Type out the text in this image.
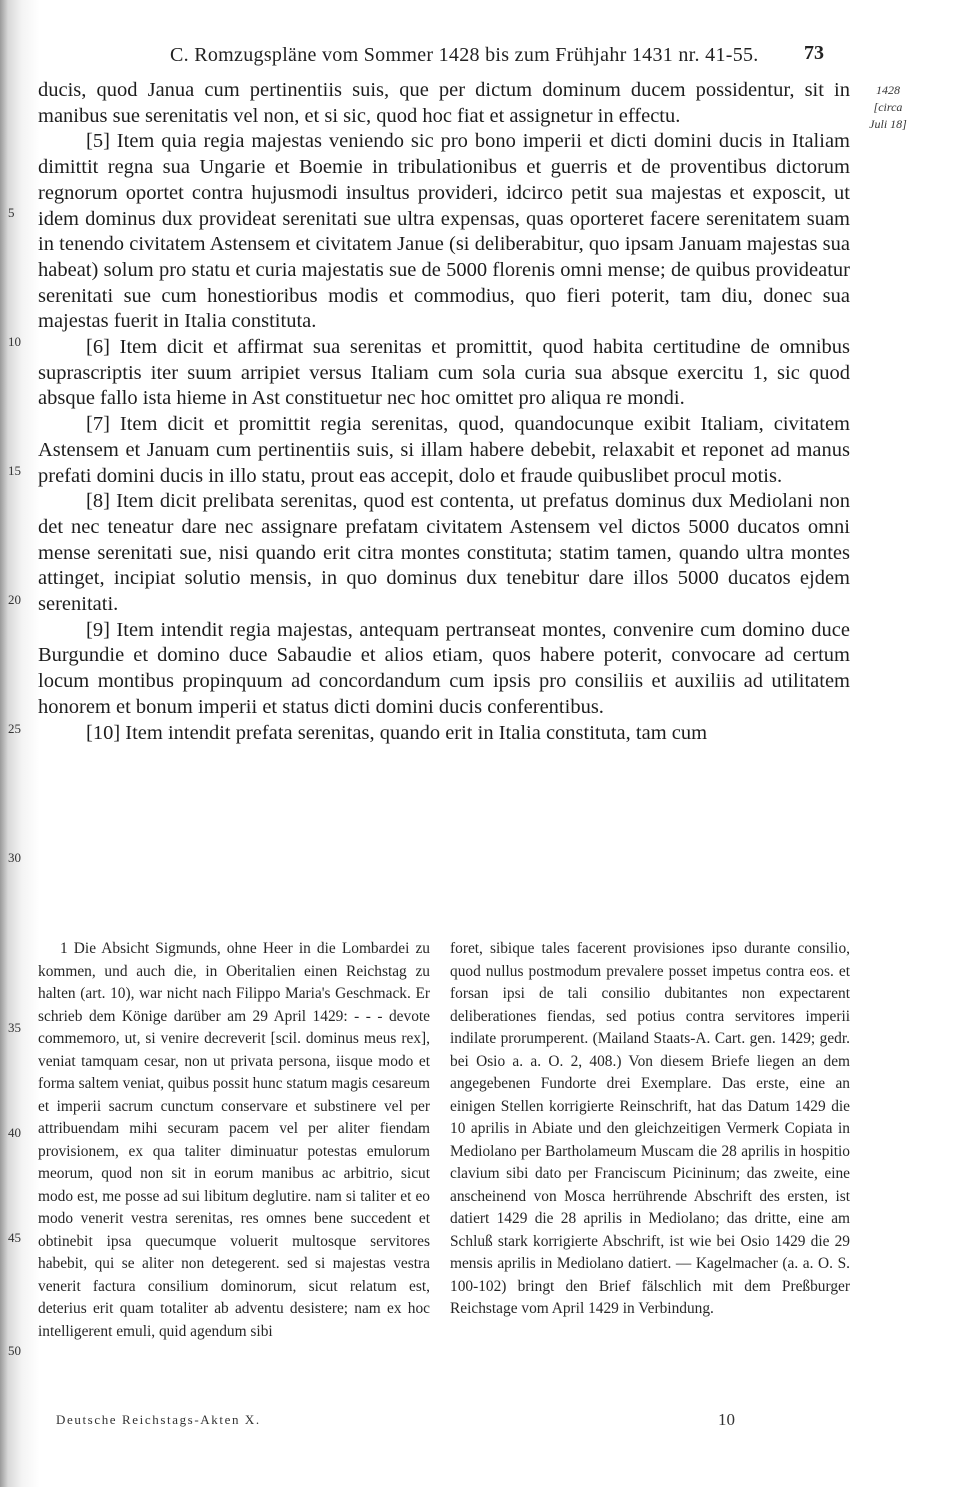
C. Romzugspläne vom Sommer 1428 bis zum Frühjahr 1431 nr. 41-55. 73
1428
[circa
Juli 18]
5
10
15
20
25
30

ducis, quod Janua cum pertinentiis suis, que per dictum dominum ducem possidentur, sit in manibus sue serenitatis vel non, et si sic, quod hoc fiat et assignetur in effectu.

[5] Item quia regia majestas veniendo sic pro bono imperii et dicti domini ducis in Italiam dimittit regna sua Ungarie et Boemie in tribulationibus et guerris et de proventibus dictorum regnorum oportet contra hujusmodi insultus provideri, idcirco petit sua majestas et exposcit, ut idem dominus dux provideat serenitati sue ultra expensas, quas oporteret facere serenitatem suam in tenendo civitatem Astensem et civitatem Janue (si deliberabitur, quo ipsam Januam majestas sua habeat) solum pro statu et curia majestatis sue de 5000 florenis omni mense; de quibus provideatur serenitati sue cum honestioribus modis et commodius, quo fieri poterit, tam diu, donec sua majestas fuerit in Italia constituta.

[6] Item dicit et affirmat sua serenitas et promittit, quod habita certitudine de omnibus suprascriptis iter suum arripiet versus Italiam cum sola curia sua absque exercitu 1, sic quod absque fallo ista hieme in Ast constituetur nec hoc omittet pro aliqua re mondi.

[7] Item dicit et promittit regia serenitas, quod, quandocunque exibit Italiam, civitatem Astensem et Januam cum pertinentiis suis, si illam habere debebit, relaxabit et reponet ad manus prefati domini ducis in illo statu, prout eas accepit, dolo et fraude quibuslibet procul motis.

[8] Item dicit prelibata serenitas, quod est contenta, ut prefatus dominus dux Mediolani non det nec teneatur dare nec assignare prefatam civitatem Astensem vel dictos 5000 ducatos omni mense serenitati sue, nisi quando erit citra montes constituta; statim tamen, quando ultra montes attinget, incipiat solutio mensis, in quo dominus dux tenebitur dare illos 5000 ducatos ejdem serenitati.

[9] Item intendit regia majestas, antequam pertranseat montes, convenire cum domino duce Burgundie et domino duce Sabaudie et alios etiam, quos habere poterit, convocare ad certum locum montibus propinquum ad concordandum cum ipsis pro consiliis et auxiliis ad utilitatem honorem et bonum imperii et status dicti domini ducis conferentibus.

[10] Item intendit prefata serenitas, quando erit in Italia constituta, tam cum

35
40
45
50

1 Die Absicht Sigmunds, ohne Heer in die Lombardei zu kommen, und auch die, in Oberitalien einen Reichstag zu halten (art. 10), war nicht nach Filippo Maria's Geschmack. Er schrieb dem Könige darüber am 29 April 1429: - - - devote commemoro, ut, si venire decreverit [scil. dominus meus rex], veniat tamquam cesar, non ut privata persona, iisque modo et forma saltem veniat, quibus possit hunc statum magis cesareum et imperii sacrum cunctum conservare et substinere vel per attribuendam mihi securam pacem vel per aliter fiendam provisionem, ex qua taliter diminuatur potestas emulorum meorum, quod non sit in eorum manibus ac arbitrio, sicut modo est, me posse ad sui libitum deglutire. nam si taliter et eo modo venerit vestra serenitas, res omnes bene succedent et obtinebit ipsa quecumque voluerit multosque servitores habebit, qui se aliter non detegerent. sed si majestas vestra venerit factura consilium dominorum, sicut relatum est, deterius erit quam totaliter ab adventu desistere; nam ex hoc intelligerent emuli, quid agendum sibi

foret, sibique tales facerent provisiones ipso durante consilio, quod nullus postmodum prevalere posset impetus contra eos. et forsan ipsi de tali consilio dubitantes non expectarent deliberationes fiendas, sed potius contra servitores imperii indilate prorumperent. (Mailand Staats-A. Cart. gen. 1429; gedr. bei Osio a. a. O. 2, 408.) Von diesem Briefe liegen an dem angegebenen Fundorte drei Exemplare. Das erste, eine an einigen Stellen korrigierte Reinschrift, hat das Datum 1429 die 10 aprilis in Abiate und den gleichzeitigen Vermerk Copiata in Mediolano per Bartholameum Muscam die 28 aprilis in hospitio clavium sibi dato per Franciscum Picininum; das zweite, eine anscheinend von Mosca herrührende Abschrift des ersten, ist datiert 1429 die 28 aprilis in Mediolano; das dritte, eine am Schluß stark korrigierte Abschrift, ist wie bei Osio 1429 die 29 mensis aprilis in Mediolano datiert. — Kagelmacher (a. a. O. S. 100-102) bringt den Brief fälschlich mit dem Preßburger Reichstage vom April 1429 in Verbindung.

Deutsche Reichstags-Akten X.	10
